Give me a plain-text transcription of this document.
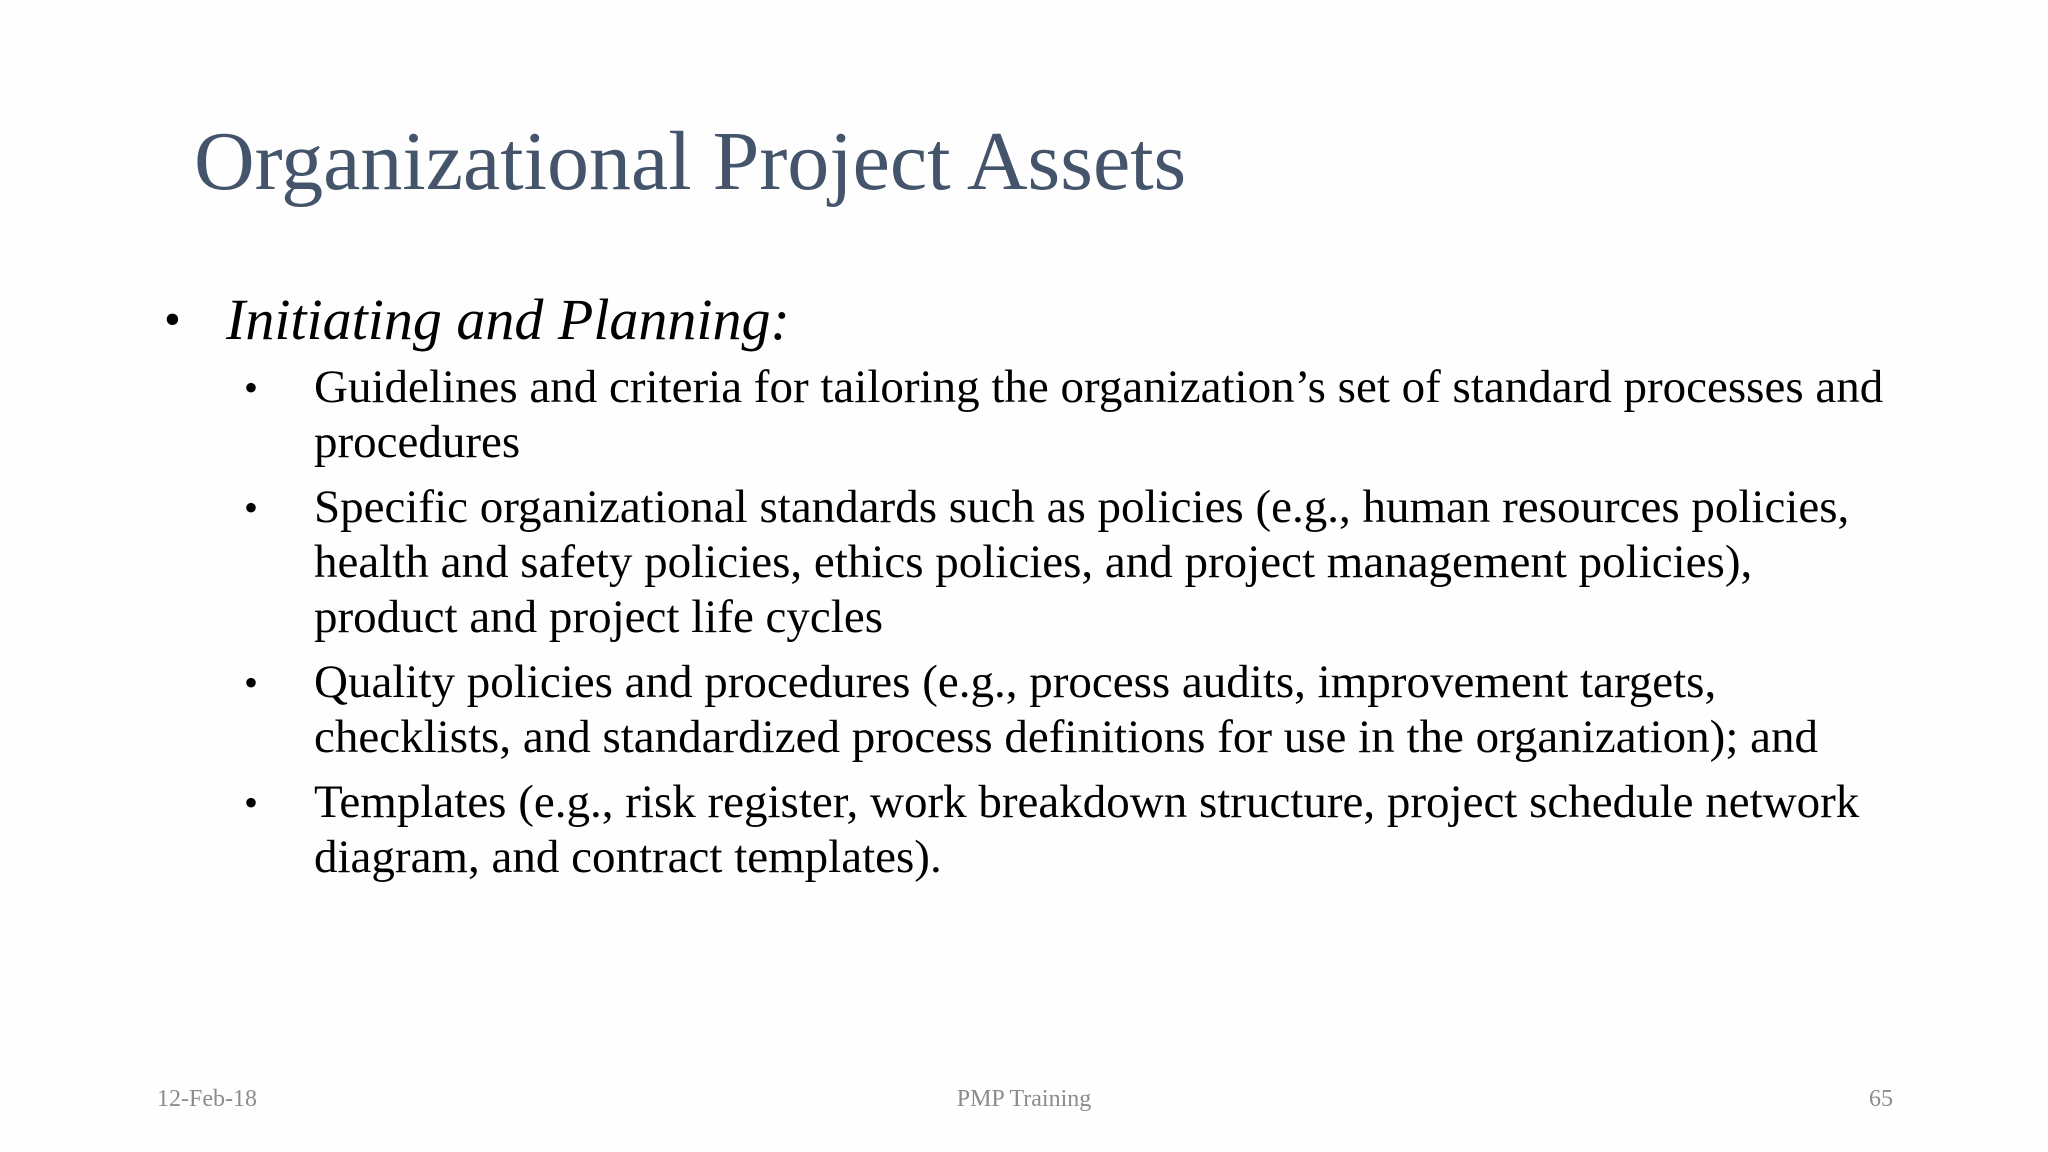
Organizational Project Assets
• Initiating and Planning:
• Guidelines and criteria for tailoring the organization’s set of standard processes and procedures
• Specific organizational standards such as policies (e.g., human resources policies, health and safety policies, ethics policies, and project management policies), product and project life cycles
• Quality policies and procedures (e.g., process audits, improvement targets, checklists, and standardized process definitions for use in the organization); and
• Templates (e.g., risk register, work breakdown structure, project schedule network diagram, and contract templates).
12-Feb-18	PMP Training	65
